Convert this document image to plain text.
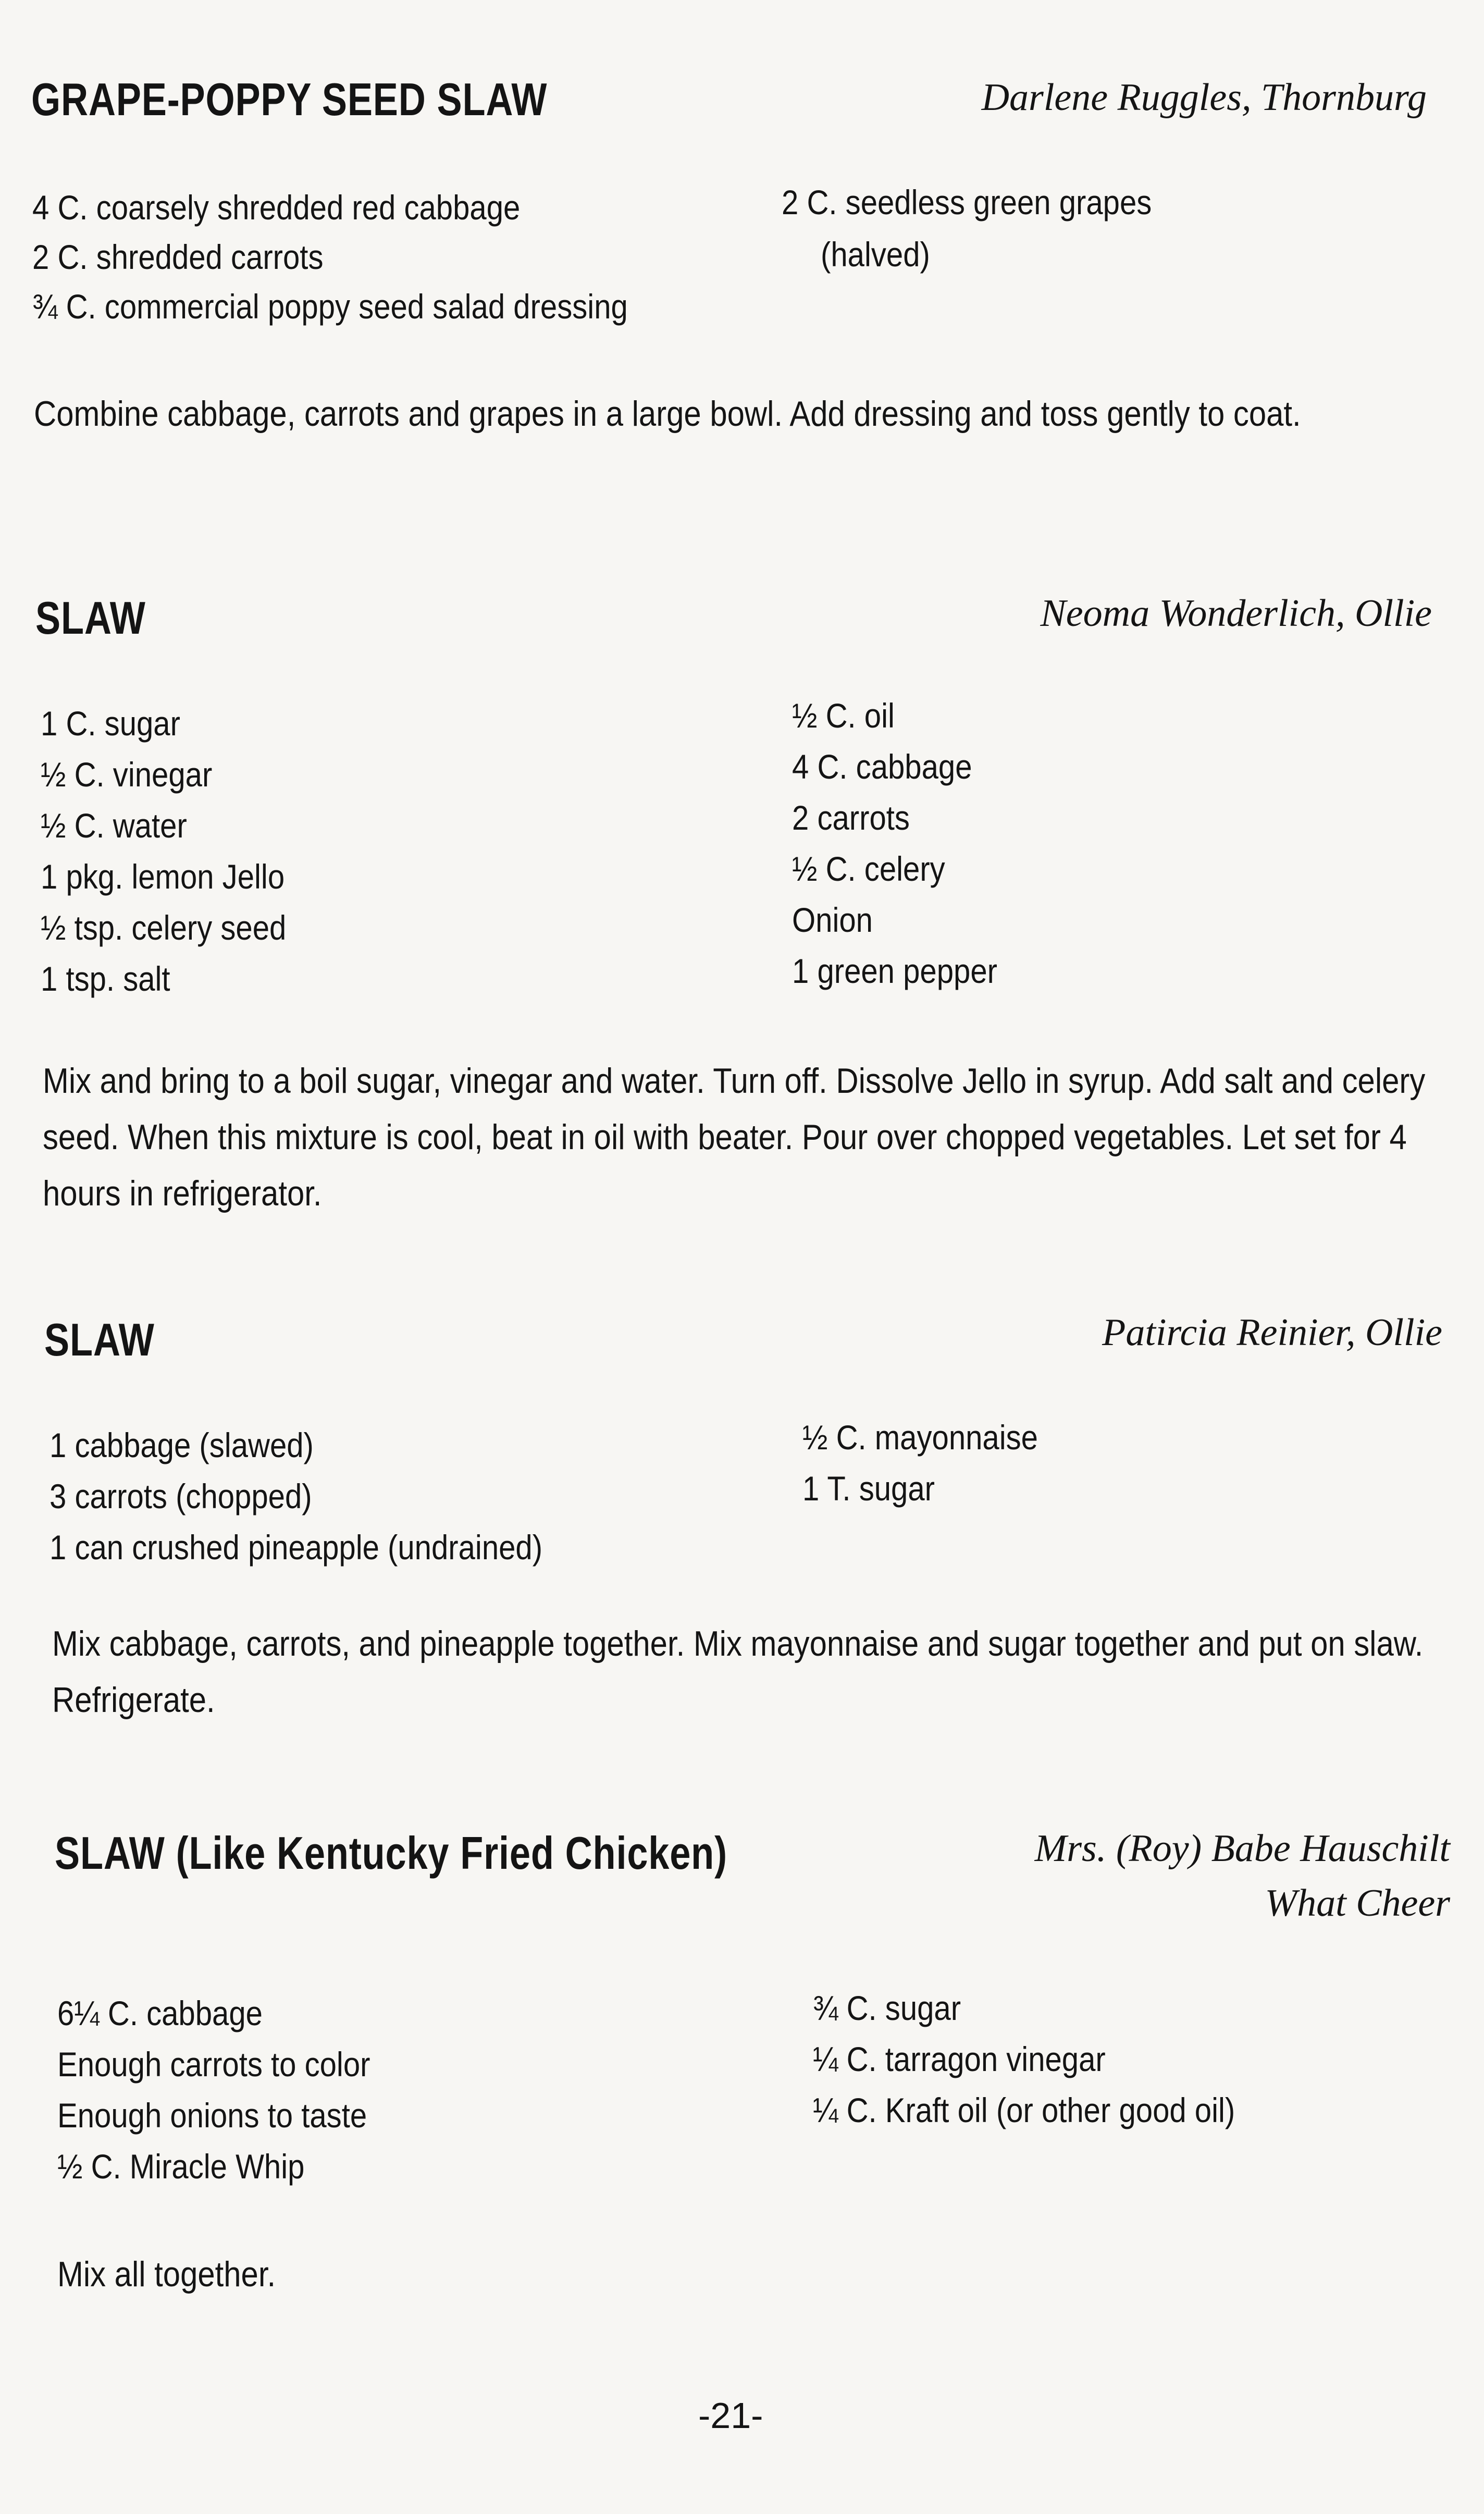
GRAPE-POPPY SEED SLAW	Darlene Ruggles, Thornburg
4 C. coarsely shredded red cabbage
2 C. shredded carrots
¾ C. commercial poppy seed salad dressing
2 C. seedless green grapes
(halved)
Combine cabbage, carrots and grapes in a large bowl. Add dressing and toss gently to coat.
SLAW	Neoma Wonderlich, Ollie
1 C. sugar
½ C. vinegar
½ C. water
1 pkg. lemon Jello
½ tsp. celery seed
1 tsp. salt
½ C. oil
4 C. cabbage
2 carrots
½ C. celery
Onion
1 green pepper
Mix and bring to a boil sugar, vinegar and water. Turn off. Dissolve Jello in syrup. Add salt and celery seed. When this mixture is cool, beat in oil with beater. Pour over chopped vegetables. Let set for 4 hours in refrigerator.
SLAW	Patircia Reinier, Ollie
1 cabbage (slawed)
3 carrots (chopped)
1 can crushed pineapple (undrained)
½ C. mayonnaise
1 T. sugar
Mix cabbage, carrots, and pineapple together. Mix mayonnaise and sugar together and put on slaw. Refrigerate.
SLAW (Like Kentucky Fried Chicken)	Mrs. (Roy) Babe Hauschilt
What Cheer
6¼ C. cabbage
Enough carrots to color
Enough onions to taste
½ C. Miracle Whip
¾ C. sugar
¼ C. tarragon vinegar
¼ C. Kraft oil (or other good oil)
Mix all together.
-21-
